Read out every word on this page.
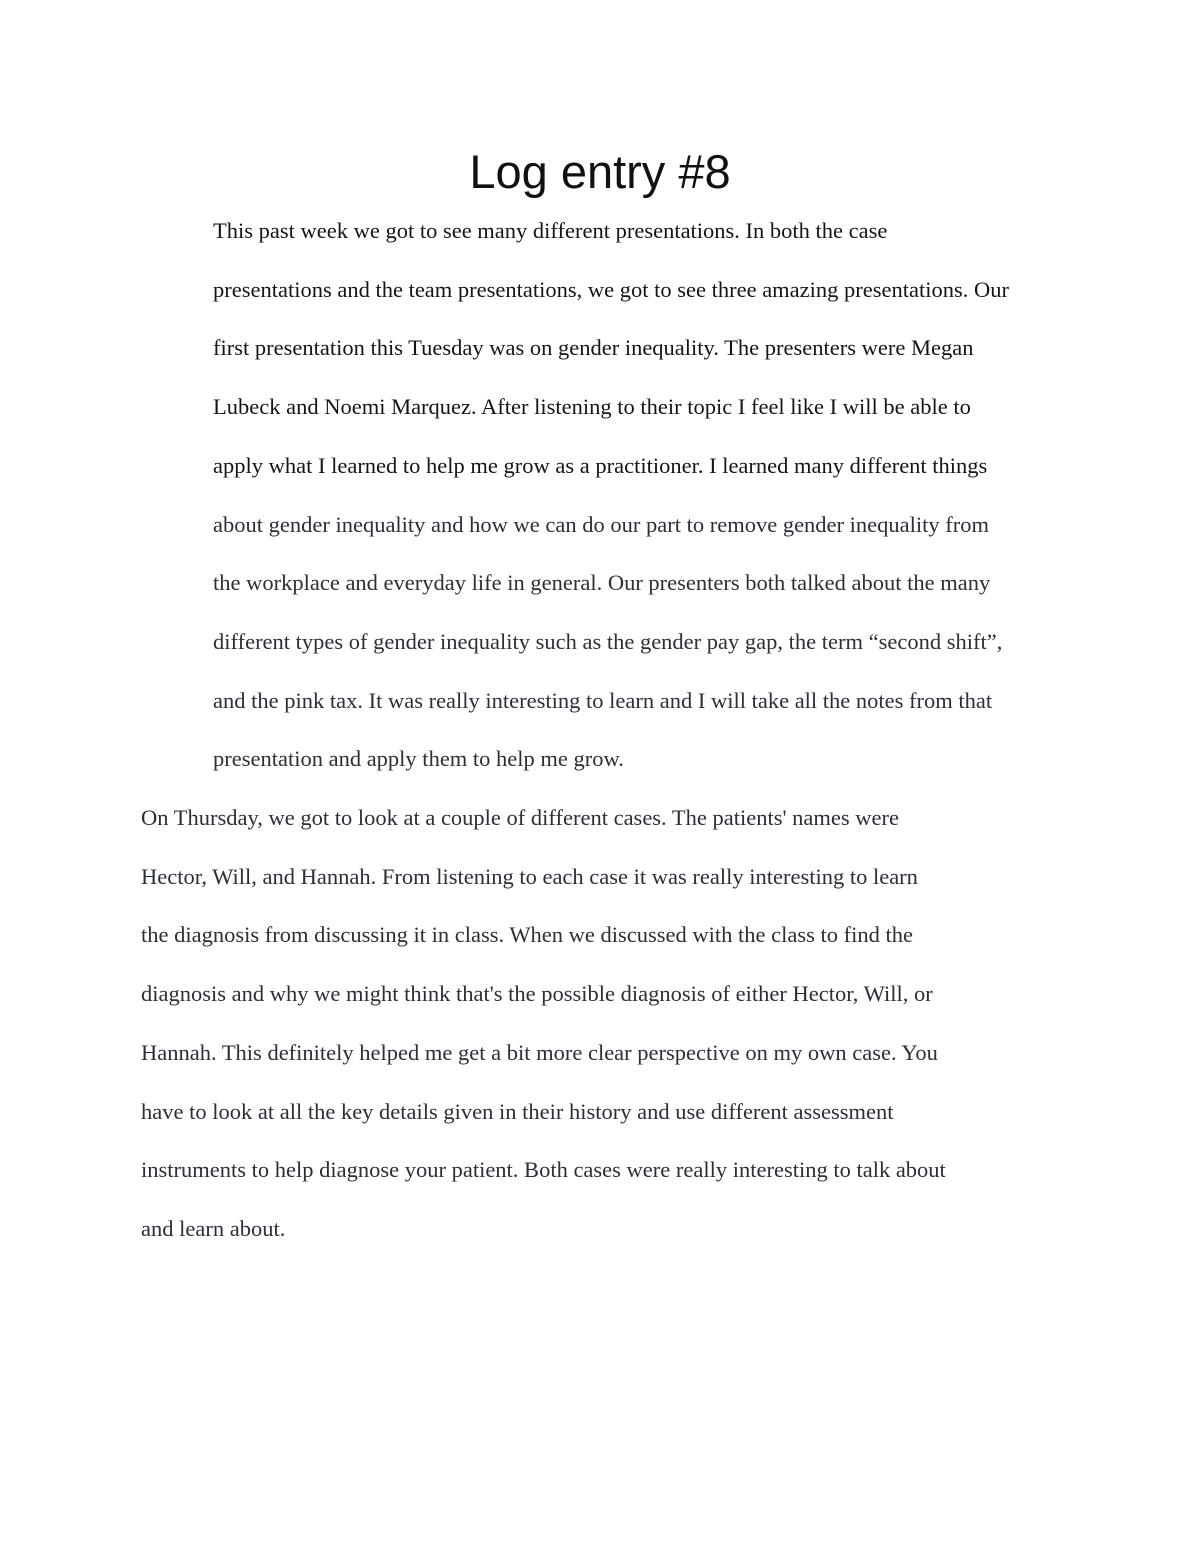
Log entry #8

This past week we got to see many different presentations. In both the case
presentations and the team presentations, we got to see three amazing presentations. Our
first presentation this Tuesday was on gender inequality. The presenters were Megan
Lubeck and Noemi Marquez. After listening to their topic I feel like I will be able to
apply what I learned to help me grow as a practitioner. I learned many different things
about gender inequality and how we can do our part to remove gender inequality from
the workplace and everyday life in general. Our presenters both talked about the many
different types of gender inequality such as the gender pay gap, the term “second shift”,
and the pink tax. It was really interesting to learn and I will take all the notes from that
presentation and apply them to help me grow.

On Thursday, we got to look at a couple of different cases. The patients' names were
Hector, Will, and Hannah. From listening to each case it was really interesting to learn
the diagnosis from discussing it in class. When we discussed with the class to find the
diagnosis and why we might think that's the possible diagnosis of either Hector, Will, or
Hannah. This definitely helped me get a bit more clear perspective on my own case. You
have to look at all the key details given in their history and use different assessment
instruments to help diagnose your patient. Both cases were really interesting to talk about
and learn about.
